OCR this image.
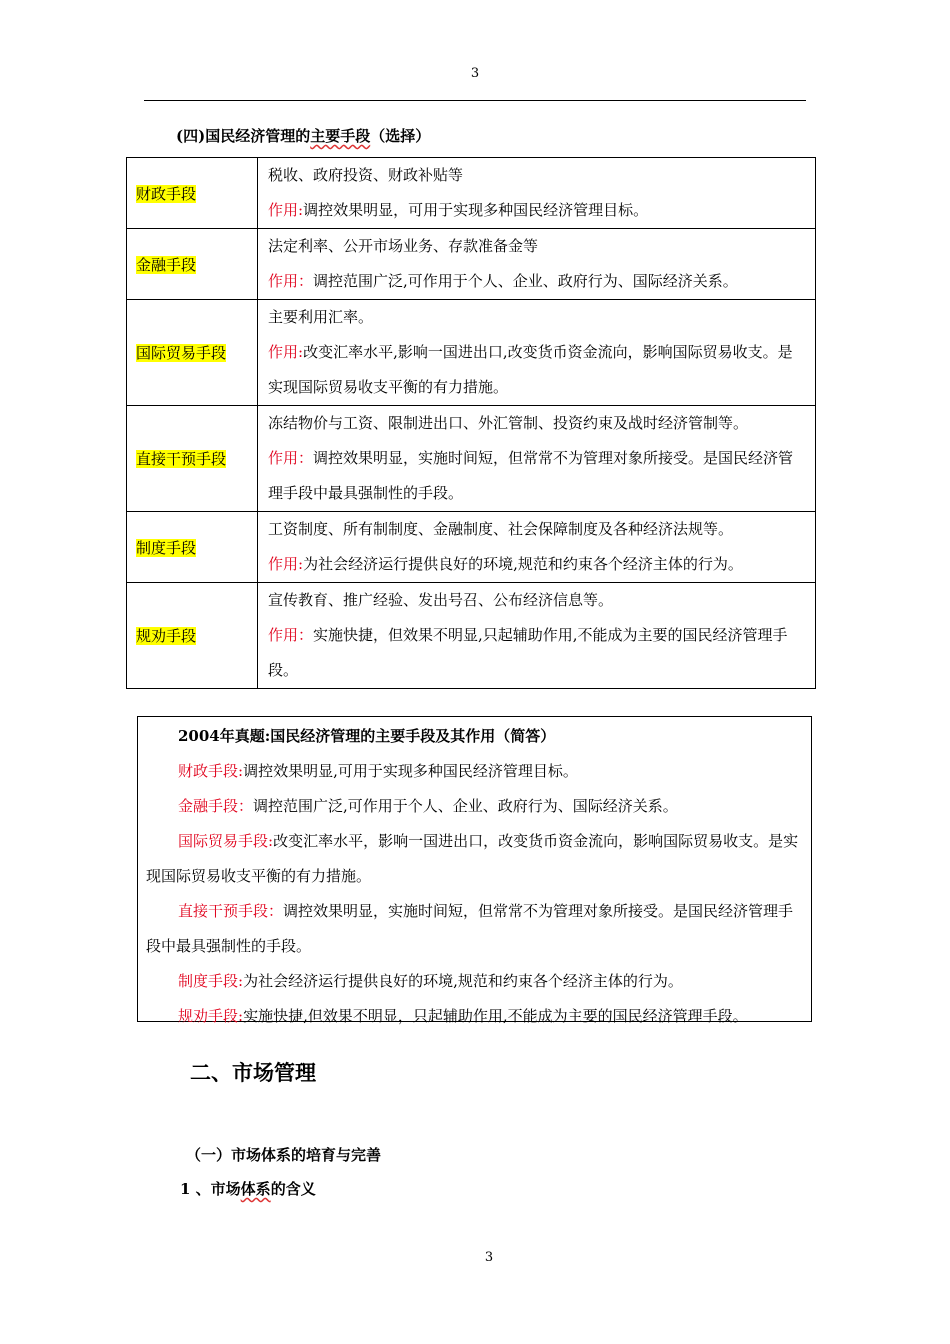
3
(四)国民经济管理的主要手段（选择）
财政手段	税收、政府投资、财政补贴等
作用:调控效果明显，可用于实现多种国民经济管理目标。

金融手段	法定利率、公开市场业务、存款准备金等
作用：调控范围广泛,可作用于个人、企业、政府行为、国际经济关系。

国际贸易手段	主要利用汇率。
作用:改变汇率水平,影响一国进出口,改变货币资金流向，影响国际贸易收支。是实现国际贸易收支平衡的有力措施。

直接干预手段	冻结物价与工资、限制进出口、外汇管制、投资约束及战时经济管制等。
作用：调控效果明显，实施时间短，但常常不为管理对象所接受。是国民经济管理手段中最具强制性的手段。

制度手段	工资制度、所有制制度、金融制度、社会保障制度及各种经济法规等。
作用:为社会经济运行提供良好的环境,规范和约束各个经济主体的行为。

规劝手段	宣传教育、推广经验、发出号召、公布经济信息等。
作用：实施快捷，但效果不明显,只起辅助作用,不能成为主要的国民经济管理手段。

2004年真题:国民经济管理的主要手段及其作用（简答）

财政手段:调控效果明显,可用于实现多种国民经济管理目标。

金融手段：调控范围广泛,可作用于个人、企业、政府行为、国际经济关系。

国际贸易手段:改变汇率水平，影响一国进出口，改变货币资金流向，影响国际贸易收支。是实现国际贸易收支平衡的有力措施。

直接干预手段：调控效果明显，实施时间短，但常常不为管理对象所接受。是国民经济管理手段中最具强制性的手段。

制度手段:为社会经济运行提供良好的环境,规范和约束各个经济主体的行为。

规劝手段:实施快捷,但效果不明显，只起辅助作用,不能成为主要的国民经济管理手段。

二、市场管理
（一）市场体系的培育与完善
1 、市场体系的含义
3
